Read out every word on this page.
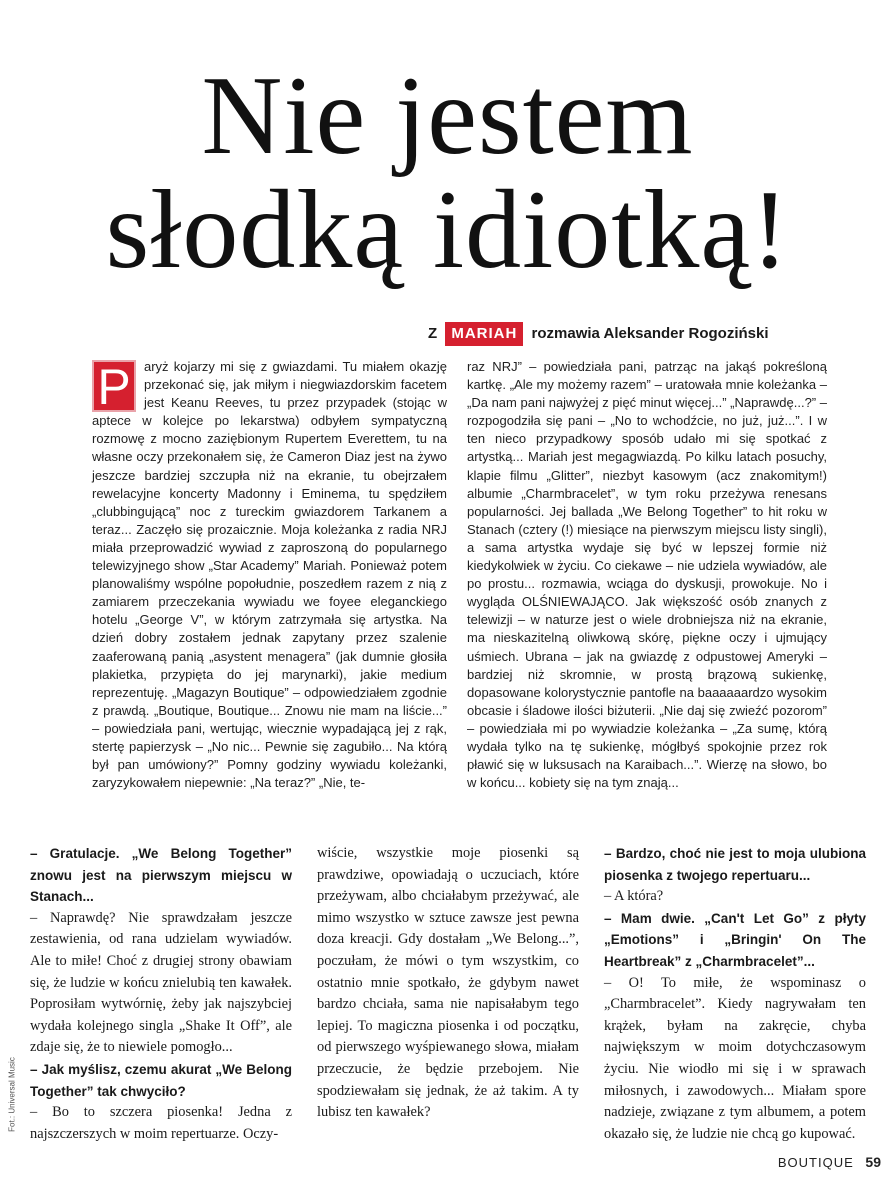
Nie jestem
słodką idiotką!
Z MARIAH rozmawia Aleksander Rogoziński
P	aryż kojarzy mi się z gwiazdami. Tu miałem okazję przekonać się, jak miłym i niegwiazdorskim facetem jest Keanu Reeves, tu przez przypadek (stojąc w aptece w kolejce po lekarstwa) odbyłem sympatyczną rozmowę z mocno zaziębionym Rupertem Everettem, tu na własne oczy przekonałem się, że Cameron Diaz jest na żywo jeszcze bardziej szczupła niż na ekranie, tu obejrzałem rewelacyjne koncerty Madonny i Eminema, tu spędziłem „clubbingującą” noc z tureckim gwiazdorem Tarkanem a teraz... Zaczęło się prozaicznie. Moja koleżanka z radia NRJ miała przeprowadzić wywiad z zaproszoną do popularnego telewizyjnego show „Star Academy” Mariah. Ponieważ potem planowaliśmy wspólne popołudnie, poszedłem razem z nią z zamiarem przeczekania wywiadu we foyee eleganckiego hotelu „George V”, w którym zatrzymała się artystka. Na dzień dobry zostałem jednak zapytany przez szalenie zaaferowaną panią „asystent menagera” (jak dumnie głosiła plakietka, przypięta do jej marynarki), jakie medium reprezentuję. „Magazyn Boutique” – odpowiedziałem zgodnie z prawdą. „Boutique, Boutique... Znowu nie mam na liście...” – powiedziała pani, wertując, wiecznie wypadającą jej z rąk, stertę papierzysk – „No nic... Pewnie się zagubiło... Na którą był pan umówiony?” Pomny godziny wywiadu koleżanki, zaryzykowałem niepewnie: „Na teraz?” „Nie, te-

raz NRJ” – powiedziała pani, patrząc na jakąś pokreśloną kartkę. „Ale my możemy razem” – uratowała mnie koleżanka – „Da nam pani najwyżej z pięć minut więcej...” „Naprawdę...?” – rozpogodziła się pani – „No to wchodźcie, no już, już...”. I w ten nieco przypadkowy sposób udało mi się spotkać z artystką... Mariah jest megagwiazdą. Po kilku latach posuchy, klapie filmu „Glitter”, niezbyt kasowym (acz znakomitym!) albumie „Charmbracelet”, w tym roku przeżywa renesans popularności. Jej ballada „We Belong Together” to hit roku w Stanach (cztery (!) miesiące na pierwszym miejscu listy singli), a sama artystka wydaje się być w lepszej formie niż kiedykolwiek w życiu. Co ciekawe – nie udziela wywiadów, ale po prostu... rozmawia, wciąga do dyskusji, prowokuje. No i wygląda OLŚNIEWAJĄCO. Jak większość osób znanych z telewizji – w naturze jest o wiele drobniejsza niż na ekranie, ma nieskazitelną oliwkową skórę, piękne oczy i ujmujący uśmiech. Ubrana – jak na gwiazdę z odpustowej Ameryki – bardziej niż skromnie, w prostą brązową sukienkę, dopasowane kolorystycznie pantofle na baaaaaardzo wysokim obcasie i śladowe ilości biżuterii. „Nie daj się zwieźć pozorom” – powiedziała mi po wywiadzie koleżanka – „Za sumę, którą wydała tylko na tę sukienkę, mógłbyś spokojnie przez rok pławić się w luksusach na Karaibach...”. Wierzę na słowo, bo w końcu... kobiety się na tym znają...

– Gratulacje. „We Belong Together” znowu jest na pierwszym miejscu w Stanach...

– Naprawdę? Nie sprawdzałam jeszcze zestawienia, od rana udzielam wywiadów. Ale to miłe! Choć z drugiej strony obawiam się, że ludzie w końcu znielubią ten kawałek. Poprosiłam wytwórnię, żeby jak najszybciej wydała kolejnego singla „Shake It Off”, ale zdaje się, że to niewiele pomogło...

– Jak myślisz, czemu akurat „We Belong Together” tak chwyciło?

– Bo to szczera piosenka! Jedna z najszczerszych w moim repertuarze. Oczy-

wiście, wszystkie moje piosenki są prawdziwe, opowiadają o uczuciach, które przeżywam, albo chciałabym przeżywać, ale mimo wszystko w sztuce zawsze jest pewna doza kreacji. Gdy dostałam „We Belong...”, poczułam, że mówi o tym wszystkim, co ostatnio mnie spotkało, że gdybym nawet bardzo chciała, sama nie napisałabym tego lepiej. To magiczna piosenka i od początku, od pierwszego wyśpiewanego słowa, miałam przeczucie, że będzie przebojem. Nie spodziewałam się jednak, że aż takim. A ty lubisz ten kawałek?

– Bardzo, choć nie jest to moja ulubiona piosenka z twojego repertuaru...

– A która?

– Mam dwie. „Can't Let Go” z płyty „Emotions” i „Bringin' On The Heartbreak” z „Charmbracelet”...

– O! To miłe, że wspominasz o „Charmbracelet”. Kiedy nagrywałam ten krążek, byłam na zakręcie, chyba największym w moim dotychczasowym życiu. Nie wiodło mi się i w sprawach miłosnych, i zawodowych... Miałam spore nadzieje, związane z tym albumem, a potem okazało się, że ludzie nie chcą go kupować.

Fot.: Universal Music
BOUTIQUE 59
